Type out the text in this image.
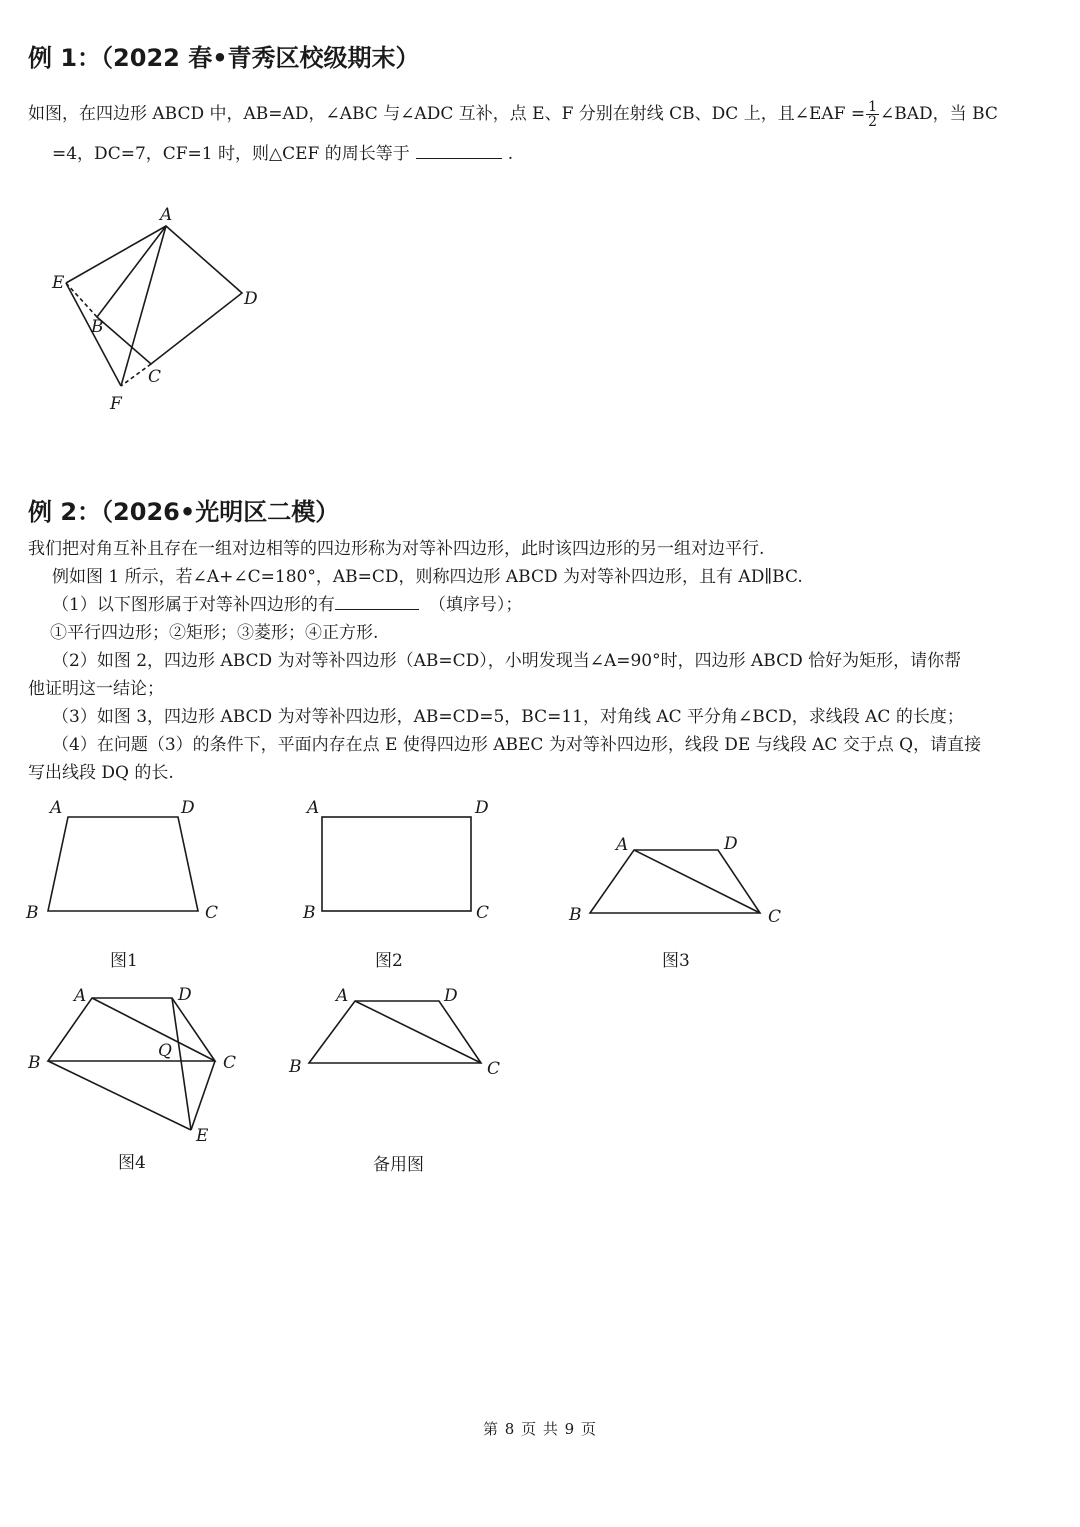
例 1：（2022 春•青秀区校级期末）
如图，在四边形 ABCD 中，AB=AD，∠ABC 与∠ADC 互补，点 E、F 分别在射线 CB、DC 上，且∠EAF = $\frac{1}{2}$ ∠BAD，当 BC
=4，DC=7，CF=1 时，则△CEF 的周长等于	.
A
E
D
B
C
F
例 2：（2026•光明区二模）
我们把对角互补且存在一组对边相等的四边形称为对等补四边形，此时该四边形的另一组对边平行.
例如图 1 所示，若∠A+∠C=180°，AB=CD，则称四边形 ABCD 为对等补四边形，且有 AD∥BC.
（1）以下图形属于对等补四边形的有	（填序号）；
①平行四边形；②矩形；③菱形；④正方形.
（2）如图 2，四边形 ABCD 为对等补四边形（AB=CD），小明发现当∠A=90°时，四边形 ABCD 恰好为矩形，请你帮
他证明这一结论；
（3）如图 3，四边形 ABCD 为对等补四边形，AB=CD=5，BC=11，对角线 AC 平分角∠BCD，求线段 AC 的长度；
（4）在问题（3）的条件下，平面内存在点 E 使得四边形 ABEC 为对等补四边形，线段 DE 与线段 AC 交于点 Q，请直接
写出线段 DQ 的长.
A	D
B	C
图1
A	D
B	C
图2
A	D
B	C
图3
A	D
B	C
Q
E
图4
A	D
B	C
备用图
第 8 页 共 9 页
